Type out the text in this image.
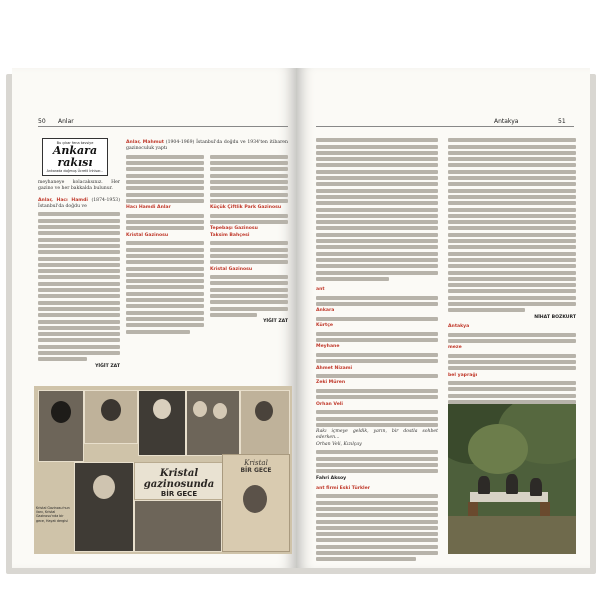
50 Anlar
Bu çıkar fena tavsiye
Ankara rakısı
Ankarada doğmuş Ücretli İnhisar...

meyhaneye kolacaksınız. Her gazino ve her bakkalda bulunur.

Anlar, Hacı Hamdi (1874-1953) İstanbul'da doğdu ve

YİĞİT ZAT

Anlar, Mahmut (1904-1969) İstanbul'da doğdu ve 1934'ten itibaren gazinoculuk yaptı

Hacı Hamdi Anlar

Kristal Gazinosu

Küçük Çiftlik Park Gazinosu

Tepebaşı Gazinosu

Taksim Bahçesi

Kristal Gazinosu

YİĞİT ZAT

Kristal gazinosunda
BİR GECE
Kristal
BİR GECE
Kristal Gazinosu'nun ilanı, Kristal Gazinosu'nda bir gece, Hayat dergisi
Antakya	51

ant

Ankara

Kürtçe

Meyhane

Ahmet Nizami

Zeki Müren

Orhan Veli

Rakı içmeye geldik, yarın, bir dostla sohbet ederken...

Orhan Veli, Kızılçay

Fahri Aksoy

ant firmi Eski Türkler

NİHAT BOZKURT

Antakya

meze

bel yaprağı
